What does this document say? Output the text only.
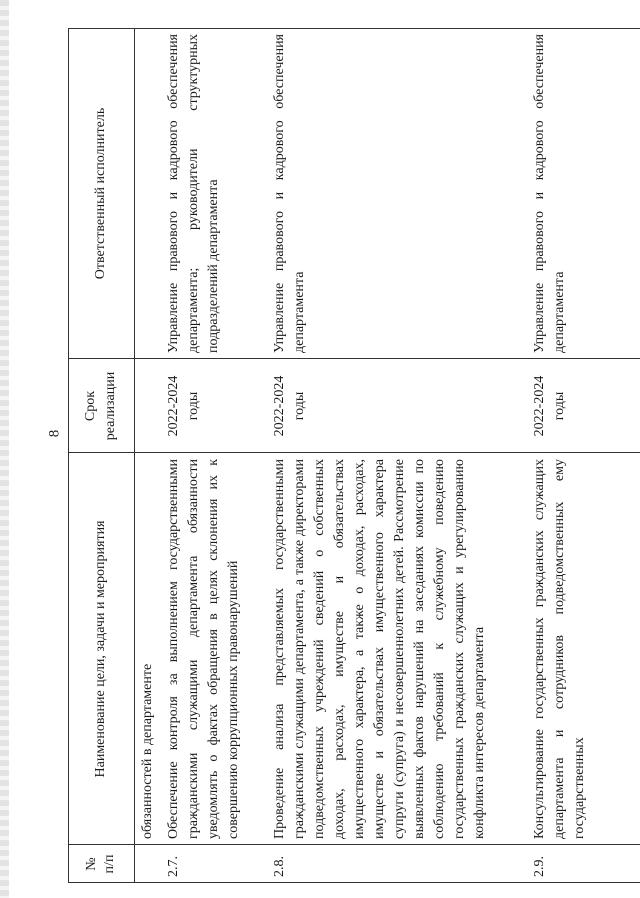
8
№ п/п
Наименование цели, задачи и мероприятия
Срок реализации
Ответственный исполнитель
обязанностей в департаменте
2.7.
Обеспечение контроля за выполнением государственными гражданскими служащими департамента обязанности уведомлять о фактах обращения в целях склонения их к совершению коррупционных правонарушений
2022-2024 годы
Управление правового и кадрового обеспечения департамента; руководители структурных подразделений департамента
2.8.
Проведение анализа представляемых государственными гражданскими служащими департамента, а также директорами подведомственных учреждений сведений о собственных доходах, расходах, имуществе и обязательствах имущественного характера, а также о доходах, расходах, имуществе и обязательствах имущественного характера супруги (супруга) и несовершеннолетних детей. Рассмотрение выявленных фактов нарушений на заседаниях комиссии по соблюдению требований к служебному поведению государственных гражданских служащих и урегулированию конфликта интересов департамента
2022-2024 годы
Управление правового и кадрового обеспечения департамента
2.9.
Консультирование государственных гражданских служащих департамента и сотрудников подведомственных ему государственных
2022-2024 годы
Управление правового и кадрового обеспечения департамента
